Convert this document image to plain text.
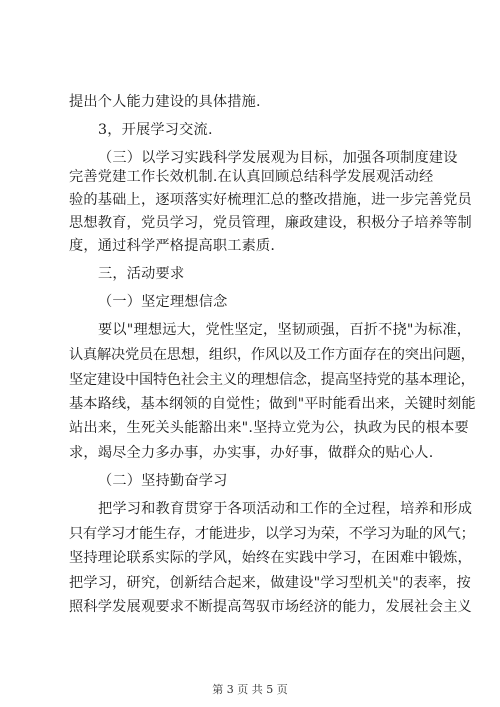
提出个人能力建设的具体措施.
3，开展学习交流.
（三）以学习实践科学发展观为目标，加强各项制度建设
完善党建工作长效机制.在认真回顾总结科学发展观活动经
验的基础上，逐项落实好梳理汇总的整改措施，进一步完善党员
思想教育，党员学习，党员管理，廉政建设，积极分子培养等制
度，通过科学严格提高职工素质.
三，活动要求
（一）坚定理想信念
要以"理想远大，党性坚定，坚韧顽强，百折不挠"为标准，
认真解决党员在思想，组织，作风以及工作方面存在的突出问题，
坚定建设中国特色社会主义的理想信念，提高坚持党的基本理论，
基本路线，基本纲领的自觉性；做到"平时能看出来，关键时刻能
站出来，生死关头能豁出来".坚持立党为公，执政为民的根本要
求，竭尽全力多办事，办实事，办好事，做群众的贴心人.
（二）坚持勤奋学习
把学习和教育贯穿于各项活动和工作的全过程，培养和形成
只有学习才能生存，才能进步，以学习为荣，不学习为耻的风气；
坚持理论联系实际的学风，始终在实践中学习，在困难中锻炼，
把学习，研究，创新结合起来，做建设"学习型机关"的表率，按
照科学发展观要求不断提高驾驭市场经济的能力，发展社会主义
第 3 页 共 5 页
